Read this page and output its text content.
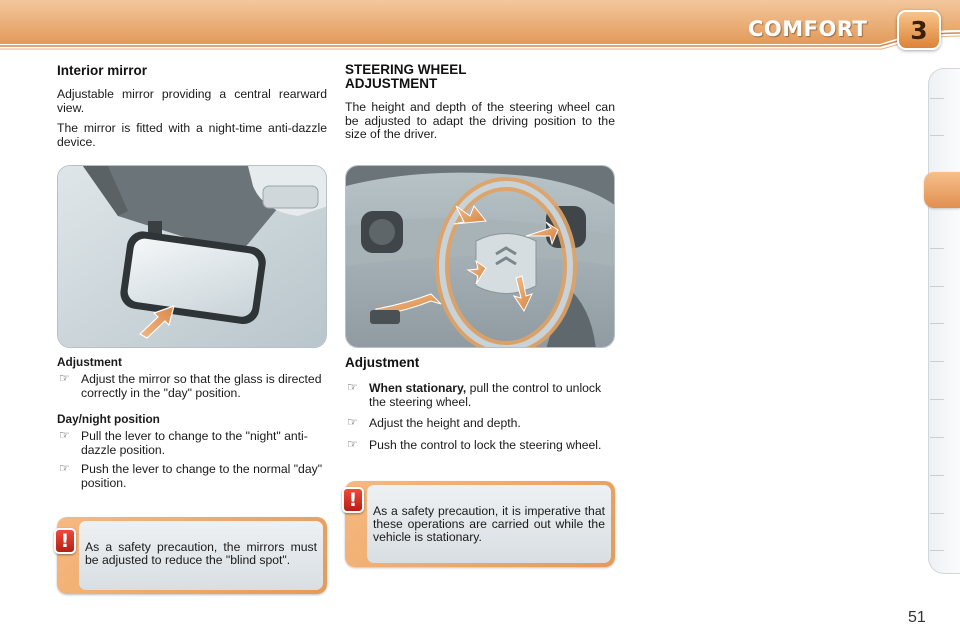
COMFORT 3
Interior mirror

Adjustable mirror providing a central rearward view.

The mirror is fitted with a night-time anti-dazzle device.

Adjustment
☞ Adjust the mirror so that the glass is directed correctly in the "day" position.
Day/night position
☞ Pull the lever to change to the "night" anti-dazzle position.
☞ Push the lever to change to the normal "day" position.

As a safety precaution, the mirrors must be adjusted to reduce the "blind spot".

!
STEERING WHEEL
ADJUSTMENT

The height and depth of the steering wheel can be adjusted to adapt the driving position to the size of the driver.

Adjustment
☞ When stationary, pull the control to unlock the steering wheel.
☞ Adjust the height and depth.
☞ Push the control to lock the steering wheel.

As a safety precaution, it is imperative that these operations are carried out while the vehicle is stationary.

!
51
